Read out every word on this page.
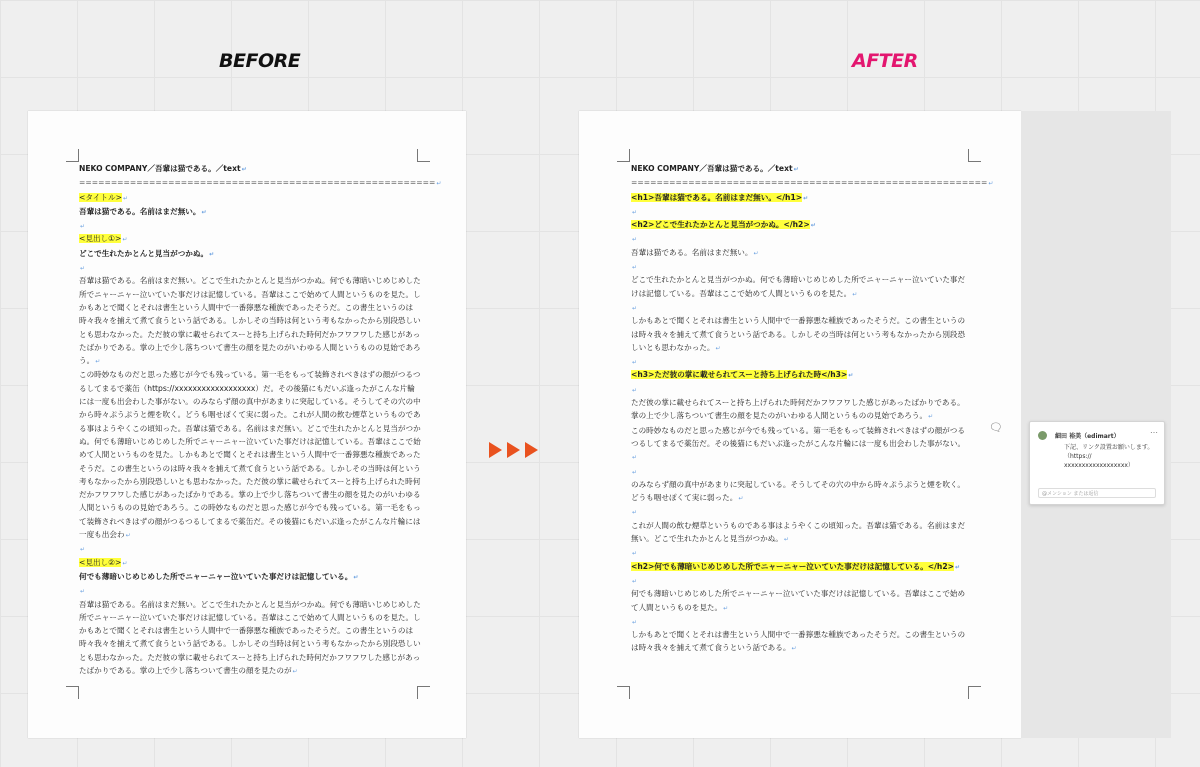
BEFORE	AFTER

NEKO COMPANY／吾輩は猫である。／text↵

========================================================↵

<タイトル>↵

吾輩は猫である。名前はまだ無い。↵

↵

<見出し①>↵

どこで生れたかとんと見当がつかぬ。↵

↵

吾輩は猫である。名前はまだ無い。どこで生れたかとんと見当がつかぬ。何でも薄暗いじめじめした所でニャーニャー泣いていた事だけは記憶している。吾輩はここで始めて人間というものを見た。しかもあとで聞くとそれは書生という人間中で一番獰悪な種族であったそうだ。この書生というのは時々我々を捕えて煮て食うという話である。しかしその当時は何という考もなかったから別段恐しいとも思わなかった。ただ彼の掌に載せられてスーと持ち上げられた時何だかフワフワした感じがあったばかりである。掌の上で少し落ちついて書生の顔を見たのがいわゆる人間というものの見始であろう。↵

この時妙なものだと思った感じが今でも残っている。第一毛をもって装飾されべきはずの顔がつるつるしてまるで薬缶（https://xxxxxxxxxxxxxxxxxx）だ。その後猫にもだいぶ逢ったがこんな片輪には一度も出会わした事がない。のみならず顔の真中があまりに突起している。そうしてその穴の中から時々ぷうぷうと煙を吹く。どうも咽せぽくて実に弱った。これが人間の飲む煙草というものである事はようやくこの頃知った。吾輩は猫である。名前はまだ無い。どこで生れたかとんと見当がつかぬ。何でも薄暗いじめじめした所でニャーニャー泣いていた事だけは記憶している。吾輩はここで始めて人間というものを見た。しかもあとで聞くとそれは書生という人間中で一番獰悪な種族であったそうだ。この書生というのは時々我々を捕えて煮て食うという話である。しかしその当時は何という考もなかったから別段恐しいとも思わなかった。ただ彼の掌に載せられてスーと持ち上げられた時何だかフワフワした感じがあったばかりである。掌の上で少し落ちついて書生の顔を見たのがいわゆる人間というものの見始であろう。この時妙なものだと思った感じが今でも残っている。第一毛をもって装飾されべきはずの顔がつるつるしてまるで薬缶だ。その後猫にもだいぶ逢ったがこんな片輪には一度も出会わ↵

↵

<見出し②>↵

何でも薄暗いじめじめした所でニャーニャー泣いていた事だけは記憶している。↵

↵

吾輩は猫である。名前はまだ無い。どこで生れたかとんと見当がつかぬ。何でも薄暗いじめじめした所でニャーニャー泣いていた事だけは記憶している。吾輩はここで始めて人間というものを見た。しかもあとで聞くとそれは書生という人間中で一番獰悪な種族であったそうだ。この書生というのは時々我々を捕えて煮て食うという話である。しかしその当時は何という考もなかったから別段恐しいとも思わなかった。ただ彼の掌に載せられてスーと持ち上げられた時何だかフワフワした感じがあったばかりである。掌の上で少し落ちついて書生の顔を見たのが↵

NEKO COMPANY／吾輩は猫である。／text↵

========================================================↵

<h1>吾輩は猫である。名前はまだ無い。</h1>↵

↵

<h2>どこで生れたかとんと見当がつかぬ。</h2>↵

↵

吾輩は猫である。名前はまだ無い。↵

↵

どこで生れたかとんと見当がつかぬ。何でも薄暗いじめじめした所でニャーニャー泣いていた事だけは記憶している。吾輩はここで始めて人間というものを見た。↵

↵

しかもあとで聞くとそれは書生という人間中で一番獰悪な種族であったそうだ。この書生というのは時々我々を捕えて煮て食うという話である。しかしその当時は何という考もなかったから別段恐しいとも思わなかった。↵

↵

<h3>ただ彼の掌に載せられてスーと持ち上げられた時</h3>↵

↵

ただ彼の掌に載せられてスーと持ち上げられた時何だかフワフワした感じがあったばかりである。掌の上で少し落ちついて書生の顔を見たのがいわゆる人間というものの見始であろう。↵

この時妙なものだと思った感じが今でも残っている。第一毛をもって装飾されべきはずの顔がつるつるしてまるで薬缶だ。その後猫にもだいぶ逢ったがこんな片輪には一度も出会わした事がない。↵

↵

のみならず顔の真中があまりに突起している。そうしてその穴の中から時々ぷうぷうと煙を吹く。どうも咽せぽくて実に弱った。↵

↵

これが人間の飲む煙草というものである事はようやくこの頃知った。吾輩は猫である。名前はまだ無い。どこで生れたかとんと見当がつかぬ。↵

↵

<h2>何でも薄暗いじめじめした所でニャーニャー泣いていた事だけは記憶している。</h2>↵

↵

何でも薄暗いじめじめした所でニャーニャー泣いていた事だけは記憶している。吾輩はここで始めて人間というものを見た。↵

↵

しかもあとで聞くとそれは書生という人間中で一番獰悪な種族であったそうだ。この書生というのは時々我々を捕えて煮て食うという話である。↵

🗨
細田 裕美（edimart）
…
下記、リンク設置お願いします。
（https://
xxxxxxxxxxxxxxxxxx）
@メンション または返信
